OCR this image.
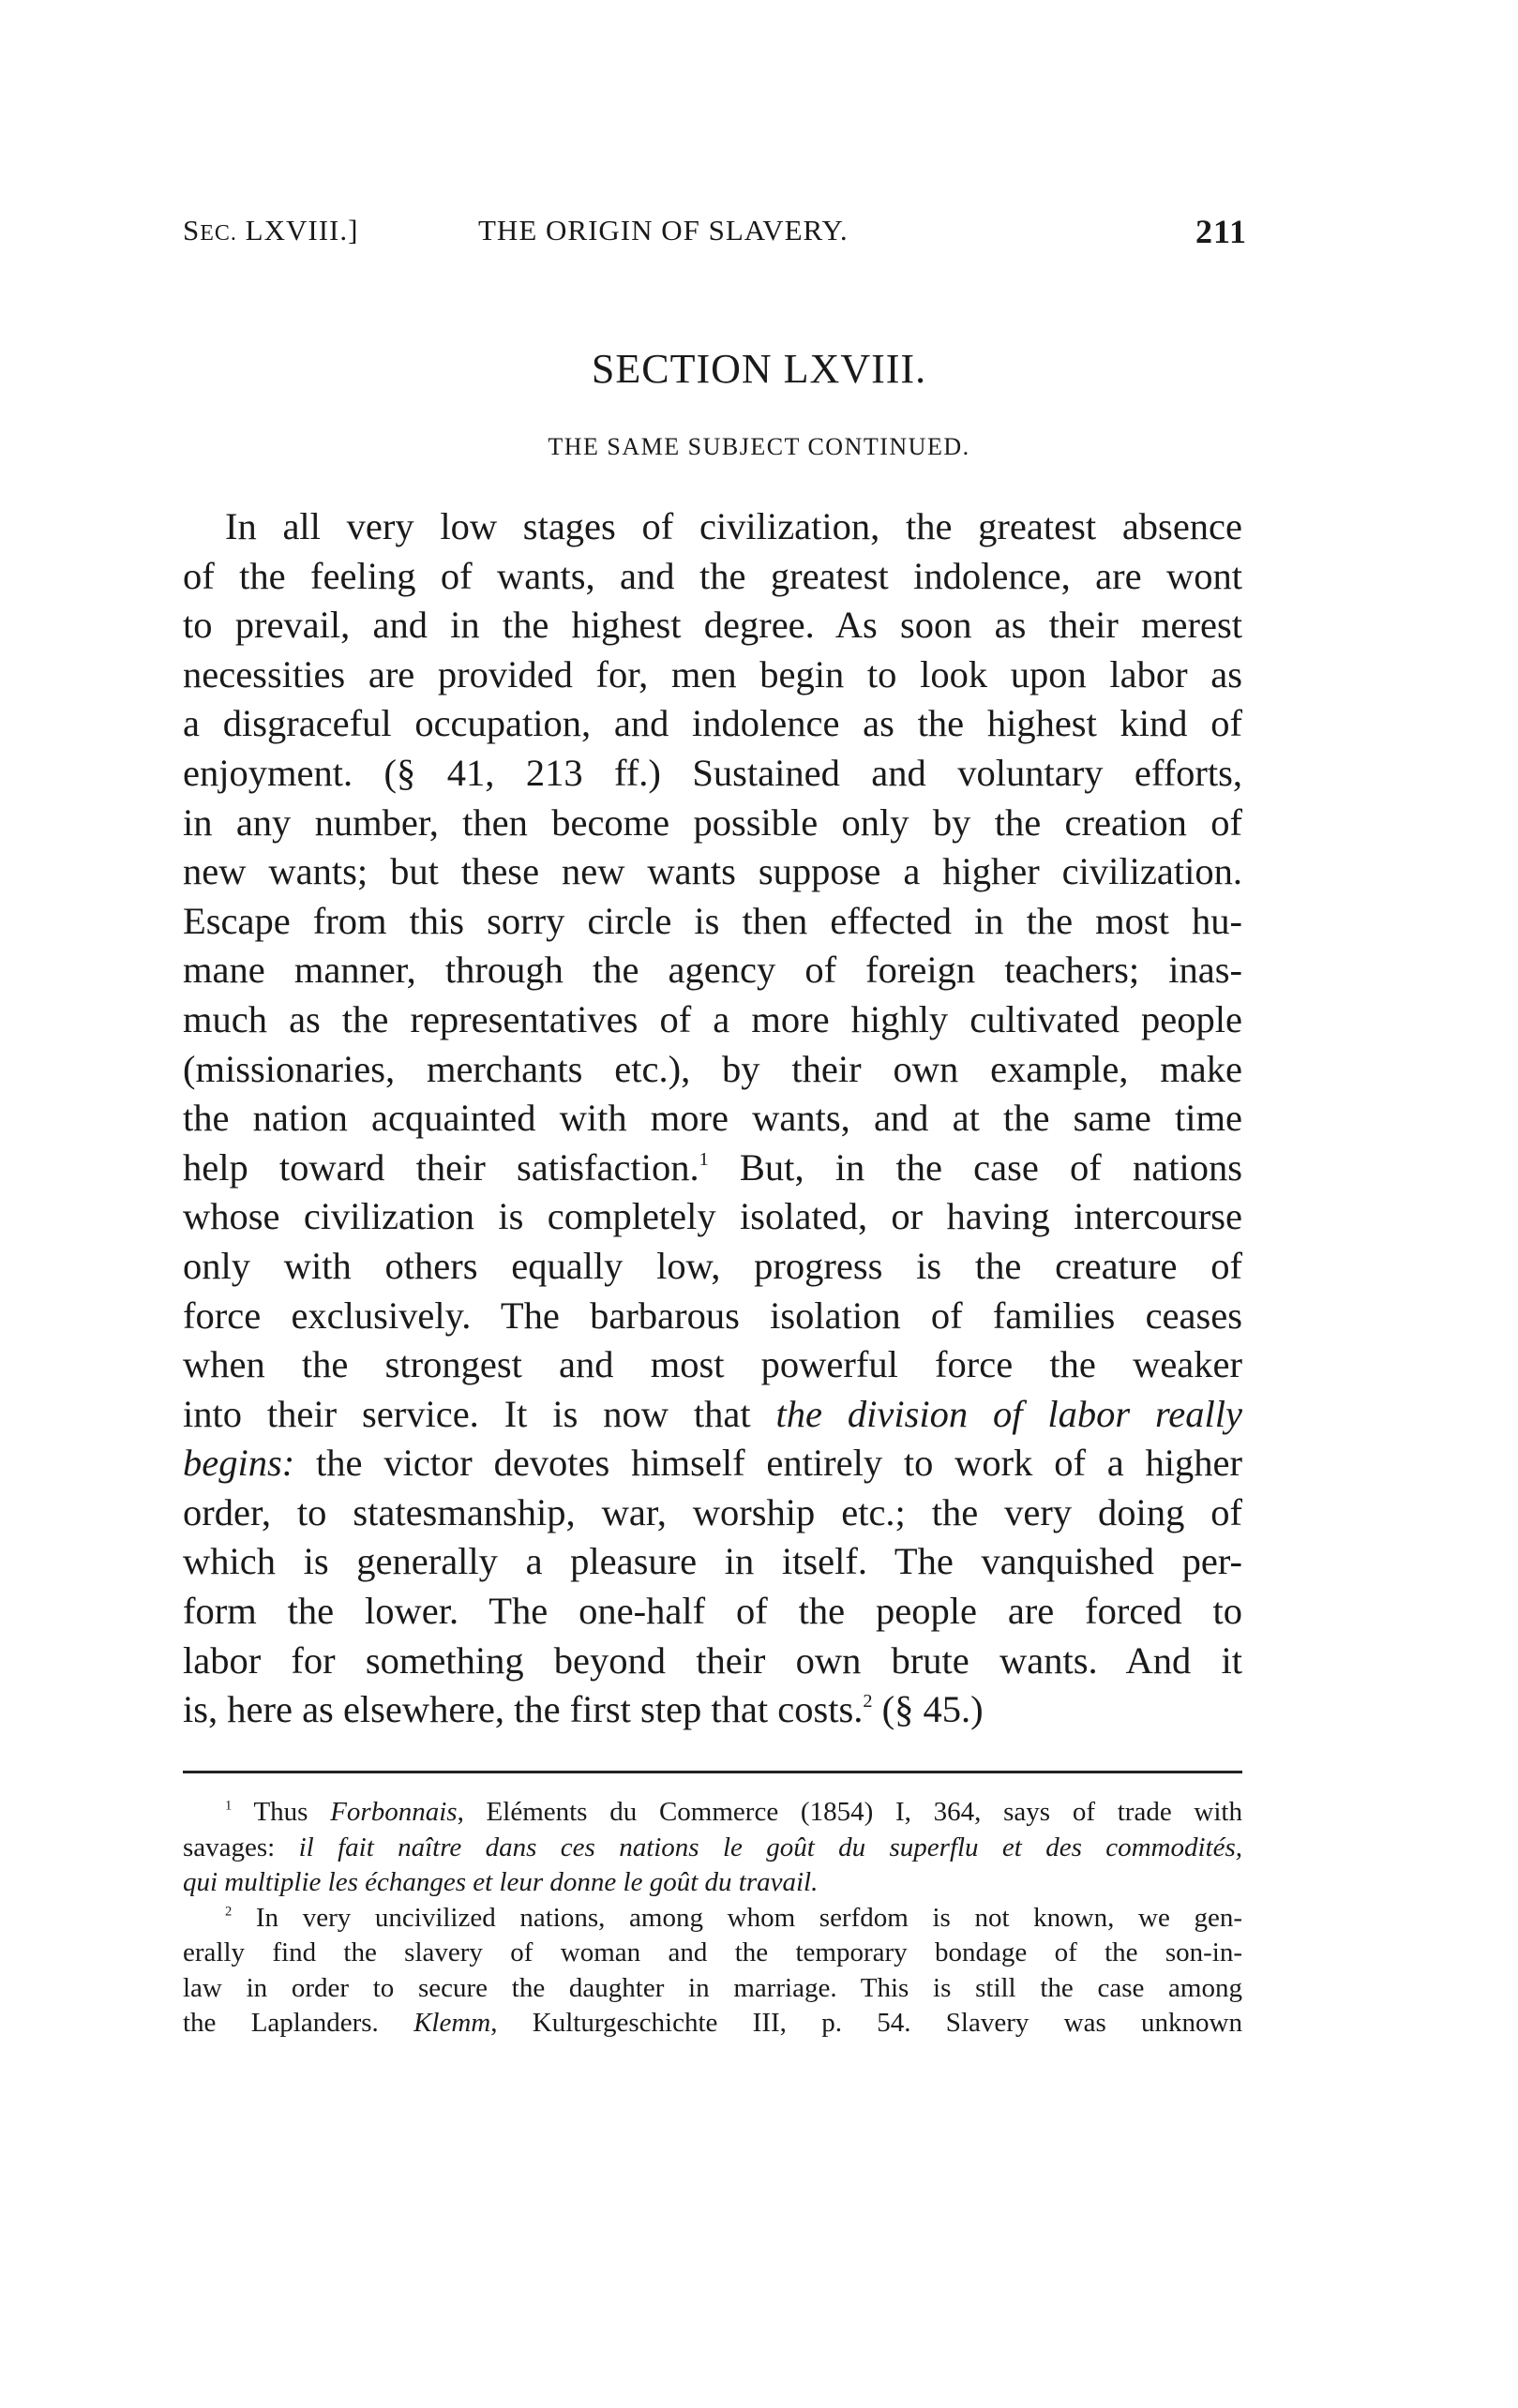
SEC. LXVIII.]	THE ORIGIN OF SLAVERY.	211
SECTION LXVIII.
THE SAME SUBJECT CONTINUED.
In all very low stages of civilization, the greatest absence
of the feeling of wants, and the greatest indolence, are wont
to prevail, and in the highest degree. As soon as their merest
necessities are provided for, men begin to look upon labor as
a disgraceful occupation, and indolence as the highest kind of
enjoyment. (§ 41, 213 ff.) Sustained and voluntary efforts,
in any number, then become possible only by the creation of
new wants; but these new wants suppose a higher civilization.
Escape from this sorry circle is then effected in the most hu-
mane manner, through the agency of foreign teachers; inas-
much as the representatives of a more highly cultivated people
(missionaries, merchants etc.), by their own example, make
the nation acquainted with more wants, and at the same time
help toward their satisfaction.$^1$ But, in the case of nations
whose civilization is completely isolated, or having intercourse
only with others equally low, progress is the creature of
force exclusively. The barbarous isolation of families ceases
when the strongest and most powerful force the weaker
into their service. It is now that the division of labor really
begins: the victor devotes himself entirely to work of a higher
order, to statesmanship, war, worship etc.; the very doing of
which is generally a pleasure in itself. The vanquished per-
form the lower. The one-half of the people are forced to
labor for something beyond their own brute wants. And it
is, here as elsewhere, the first step that costs.$^2$ (§ 45.)
$^1$ Thus Forbonnais, Eléments du Commerce (1854) I, 364, says of trade with
savages: il fait naître dans ces nations le goût du superflu et des commodités,
qui multiplie les échanges et leur donne le goût du travail.
$^2$ In very uncivilized nations, among whom serfdom is not known, we gen-
erally find the slavery of woman and the temporary bondage of the son-in-
law in order to secure the daughter in marriage. This is still the case among
the Laplanders. Klemm, Kulturgeschichte III, p. 54. Slavery was unknown
